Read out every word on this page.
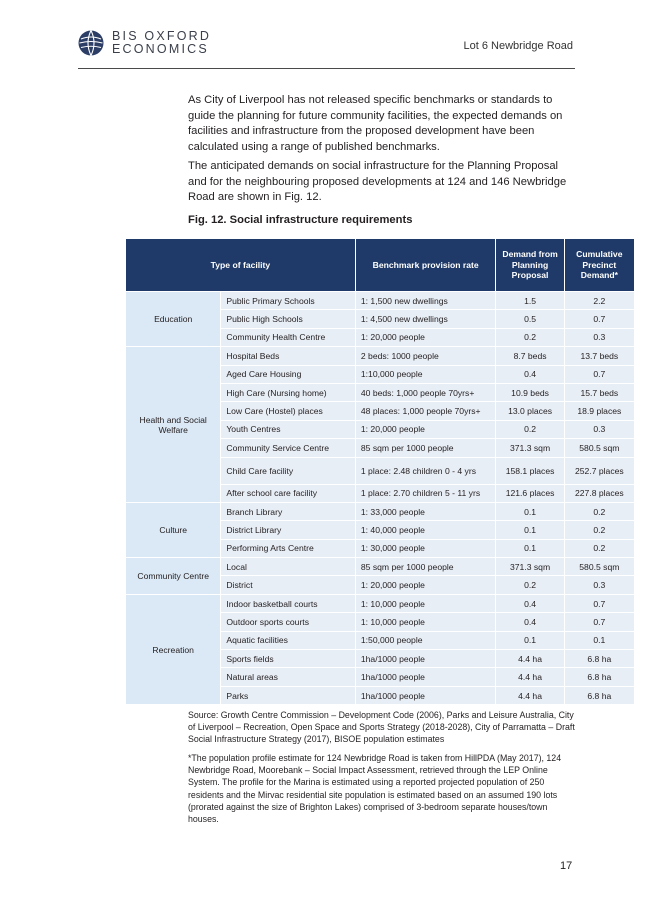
BIS OXFORD
ECONOMICS	Lot 6 Newbridge Road

As City of Liverpool has not released specific benchmarks or standards to guide the planning for future community facilities, the expected demands on facilities and infrastructure from the proposed development have been calculated using a range of published benchmarks.

The anticipated demands on social infrastructure for the Planning Proposal and for the neighbouring proposed developments at 124 and 146 Newbridge Road are shown in Fig. 12.

Fig. 12. Social infrastructure requirements
Type of facility		Benchmark provision rate	Demand from Planning Proposal	Cumulative Precinct Demand*
Education	Public Primary Schools	1: 1,500 new dwellings	1.5	2.2
	Public High Schools	1: 4,500 new dwellings	0.5	0.7
	Community Health Centre	1: 20,000 people	0.2	0.3
Health and Social Welfare	Hospital Beds	2 beds: 1000 people	8.7 beds	13.7 beds
	Aged Care Housing	1:10,000 people	0.4	0.7
	High Care (Nursing home)	40 beds: 1,000 people 70yrs+	10.9 beds	15.7 beds
	Low Care (Hostel) places	48 places: 1,000 people 70yrs+	13.0 places	18.9 places
	Youth Centres	1: 20,000 people	0.2	0.3
	Community Service Centre	85 sqm per 1000 people	371.3 sqm	580.5 sqm
	Child Care facility	1 place: 2.48 children 0 - 4 yrs	158.1 places	252.7 places
	After school care facility	1 place: 2.70 children 5 - 11 yrs	121.6 places	227.8 places
Culture	Branch Library	1: 33,000 people	0.1	0.2
	District Library	1: 40,000 people	0.1	0.2
	Performing Arts Centre	1: 30,000 people	0.1	0.2
Community Centre	Local	85 sqm per 1000 people	371.3 sqm	580.5 sqm
	District	1: 20,000 people	0.2	0.3
Recreation	Indoor basketball courts	1: 10,000 people	0.4	0.7
	Outdoor sports courts	1: 10,000 people	0.4	0.7
	Aquatic facilities	1:50,000 people	0.1	0.1
	Sports fields	1ha/1000 people	4.4 ha	6.8 ha
	Natural areas	1ha/1000 people	4.4 ha	6.8 ha
	Parks	1ha/1000 people	4.4 ha	6.8 ha

Source: Growth Centre Commission – Development Code (2006), Parks and Leisure Australia, City of Liverpool – Recreation, Open Space and Sports Strategy (2018-2028), City of Parramatta – Draft Social Infrastructure Strategy (2017), BISOE population estimates

*The population profile estimate for 124 Newbridge Road is taken from HillPDA (May 2017), 124 Newbridge Road, Moorebank – Social Impact Assessment, retrieved through the LEP Online System. The profile for the Marina is estimated using a reported projected population of 250 residents and the Mirvac residential site population is estimated based on an assumed 190 lots (prorated against the size of Brighton Lakes) comprised of 3-bedroom separate houses/town houses.

17
